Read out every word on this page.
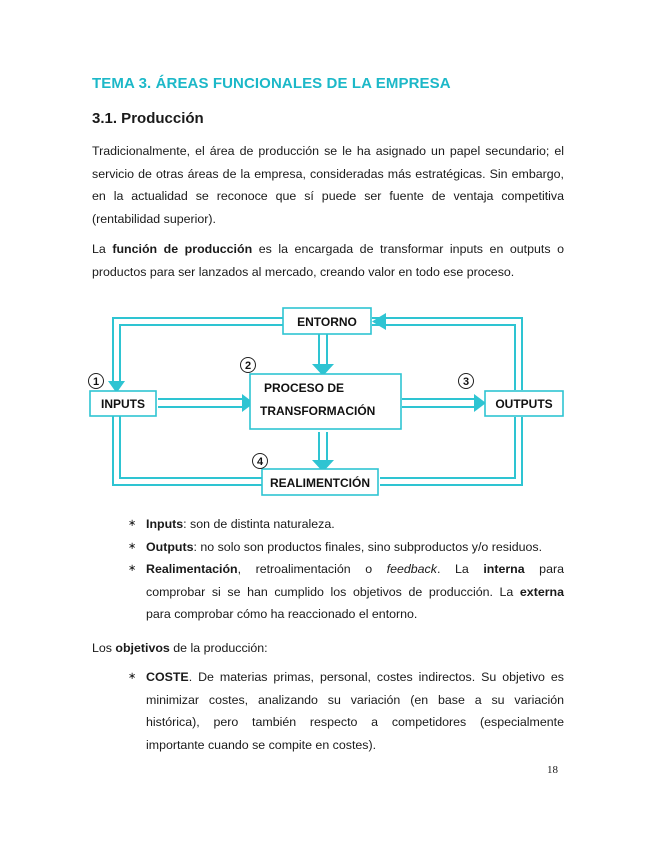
TEMA 3. ÁREAS FUNCIONALES DE LA EMPRESA
3.1. Producción

Tradicionalmente, el área de producción se le ha asignado un papel secundario; el
servicio de otras áreas de la empresa, consideradas más estratégicas. Sin embargo,
en la actualidad se reconoce que sí puede ser fuente de ventaja competitiva
(rentabilidad superior).

La función de producción es la encargada de transformar inputs en outputs o
productos para ser lanzados al mercado, creando valor en todo ese proceso.

1
2
3
4
ENTORNO
INPUTS
PROCESO DE
TRANSFORMACIÓN	OUTPUTS
REALIMENTCIÓN
∗ Inputs: son de distinta naturaleza.
∗ Outputs: no solo son productos finales, sino subproductos y/o residuos.
∗ Realimentación, retroalimentación o feedback. La interna para
comprobar si se han cumplido los objetivos de producción. La externa
para comprobar cómo ha reaccionado el entorno.
Los objetivos de la producción:
∗ COSTE. De materias primas, personal, costes indirectos. Su objetivo es
minimizar costes, analizando su variación (en base a su variación
histórica), pero también respecto a competidores (especialmente
importante cuando se compite en costes).
18
